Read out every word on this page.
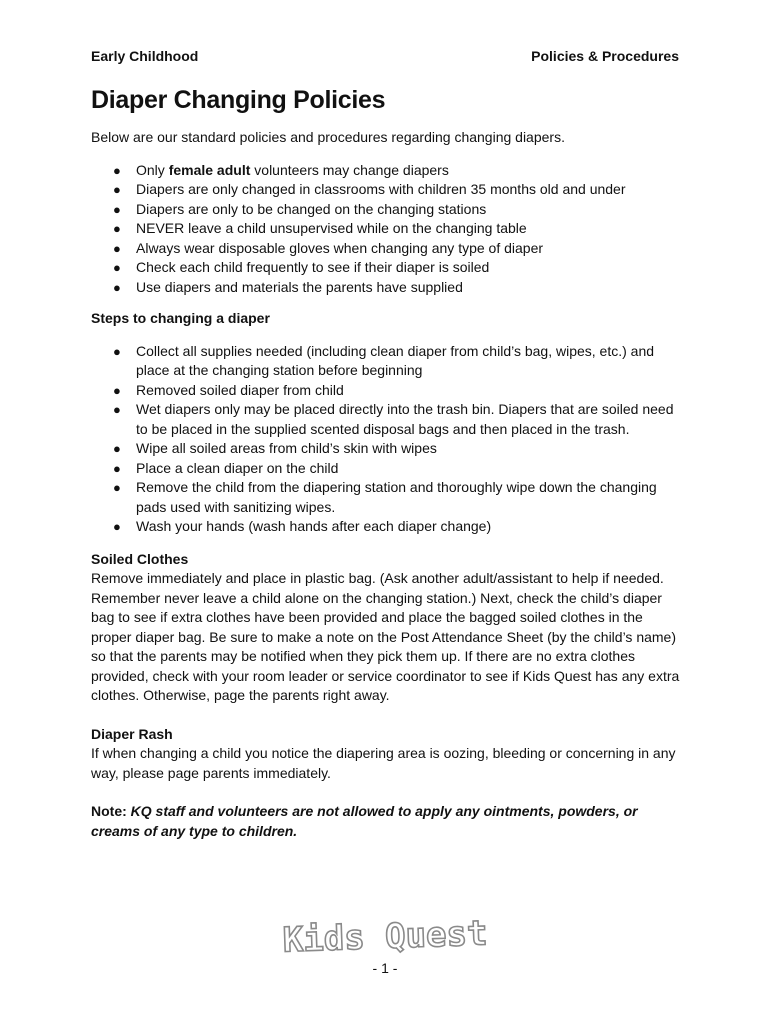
Early Childhood	Policies & Procedures
Diaper Changing Policies

Below are our standard policies and procedures regarding changing diapers.

● Only female adult volunteers may change diapers
● Diapers are only changed in classrooms with children 35 months old and under
● Diapers are only to be changed on the changing stations
● NEVER leave a child unsupervised while on the changing table
● Always wear disposable gloves when changing any type of diaper
● Check each child frequently to see if their diaper is soiled
● Use diapers and materials the parents have supplied

Steps to changing a diaper

● Collect all supplies needed (including clean diaper from child’s bag, wipes, etc.) and place at the changing station before beginning
● Removed soiled diaper from child
● Wet diapers only may be placed directly into the trash bin. Diapers that are soiled need to be placed in the supplied scented disposal bags and then placed in the trash.
● Wipe all soiled areas from child’s skin with wipes
● Place a clean diaper on the child
● Remove the child from the diapering station and thoroughly wipe down the changing pads used with sanitizing wipes.
● Wash your hands (wash hands after each diaper change)

Soiled Clothes

Remove immediately and place in plastic bag. (Ask another adult/assistant to help if needed. Remember never leave a child alone on the changing station.) Next, check the child’s diaper bag to see if extra clothes have been provided and place the bagged soiled clothes in the proper diaper bag. Be sure to make a note on the Post Attendance Sheet (by the child’s name) so that the parents may be notified when they pick them up. If there are no extra clothes provided, check with your room leader or service coordinator to see if Kids Quest has any extra clothes. Otherwise, page the parents right away.

Diaper Rash

If when changing a child you notice the diapering area is oozing, bleeding or concerning in any way, please page parents immediately.

Note: KQ staff and volunteers are not allowed to apply any ointments, powders, or creams of any type to children.

Kids Quest
- 1 -
